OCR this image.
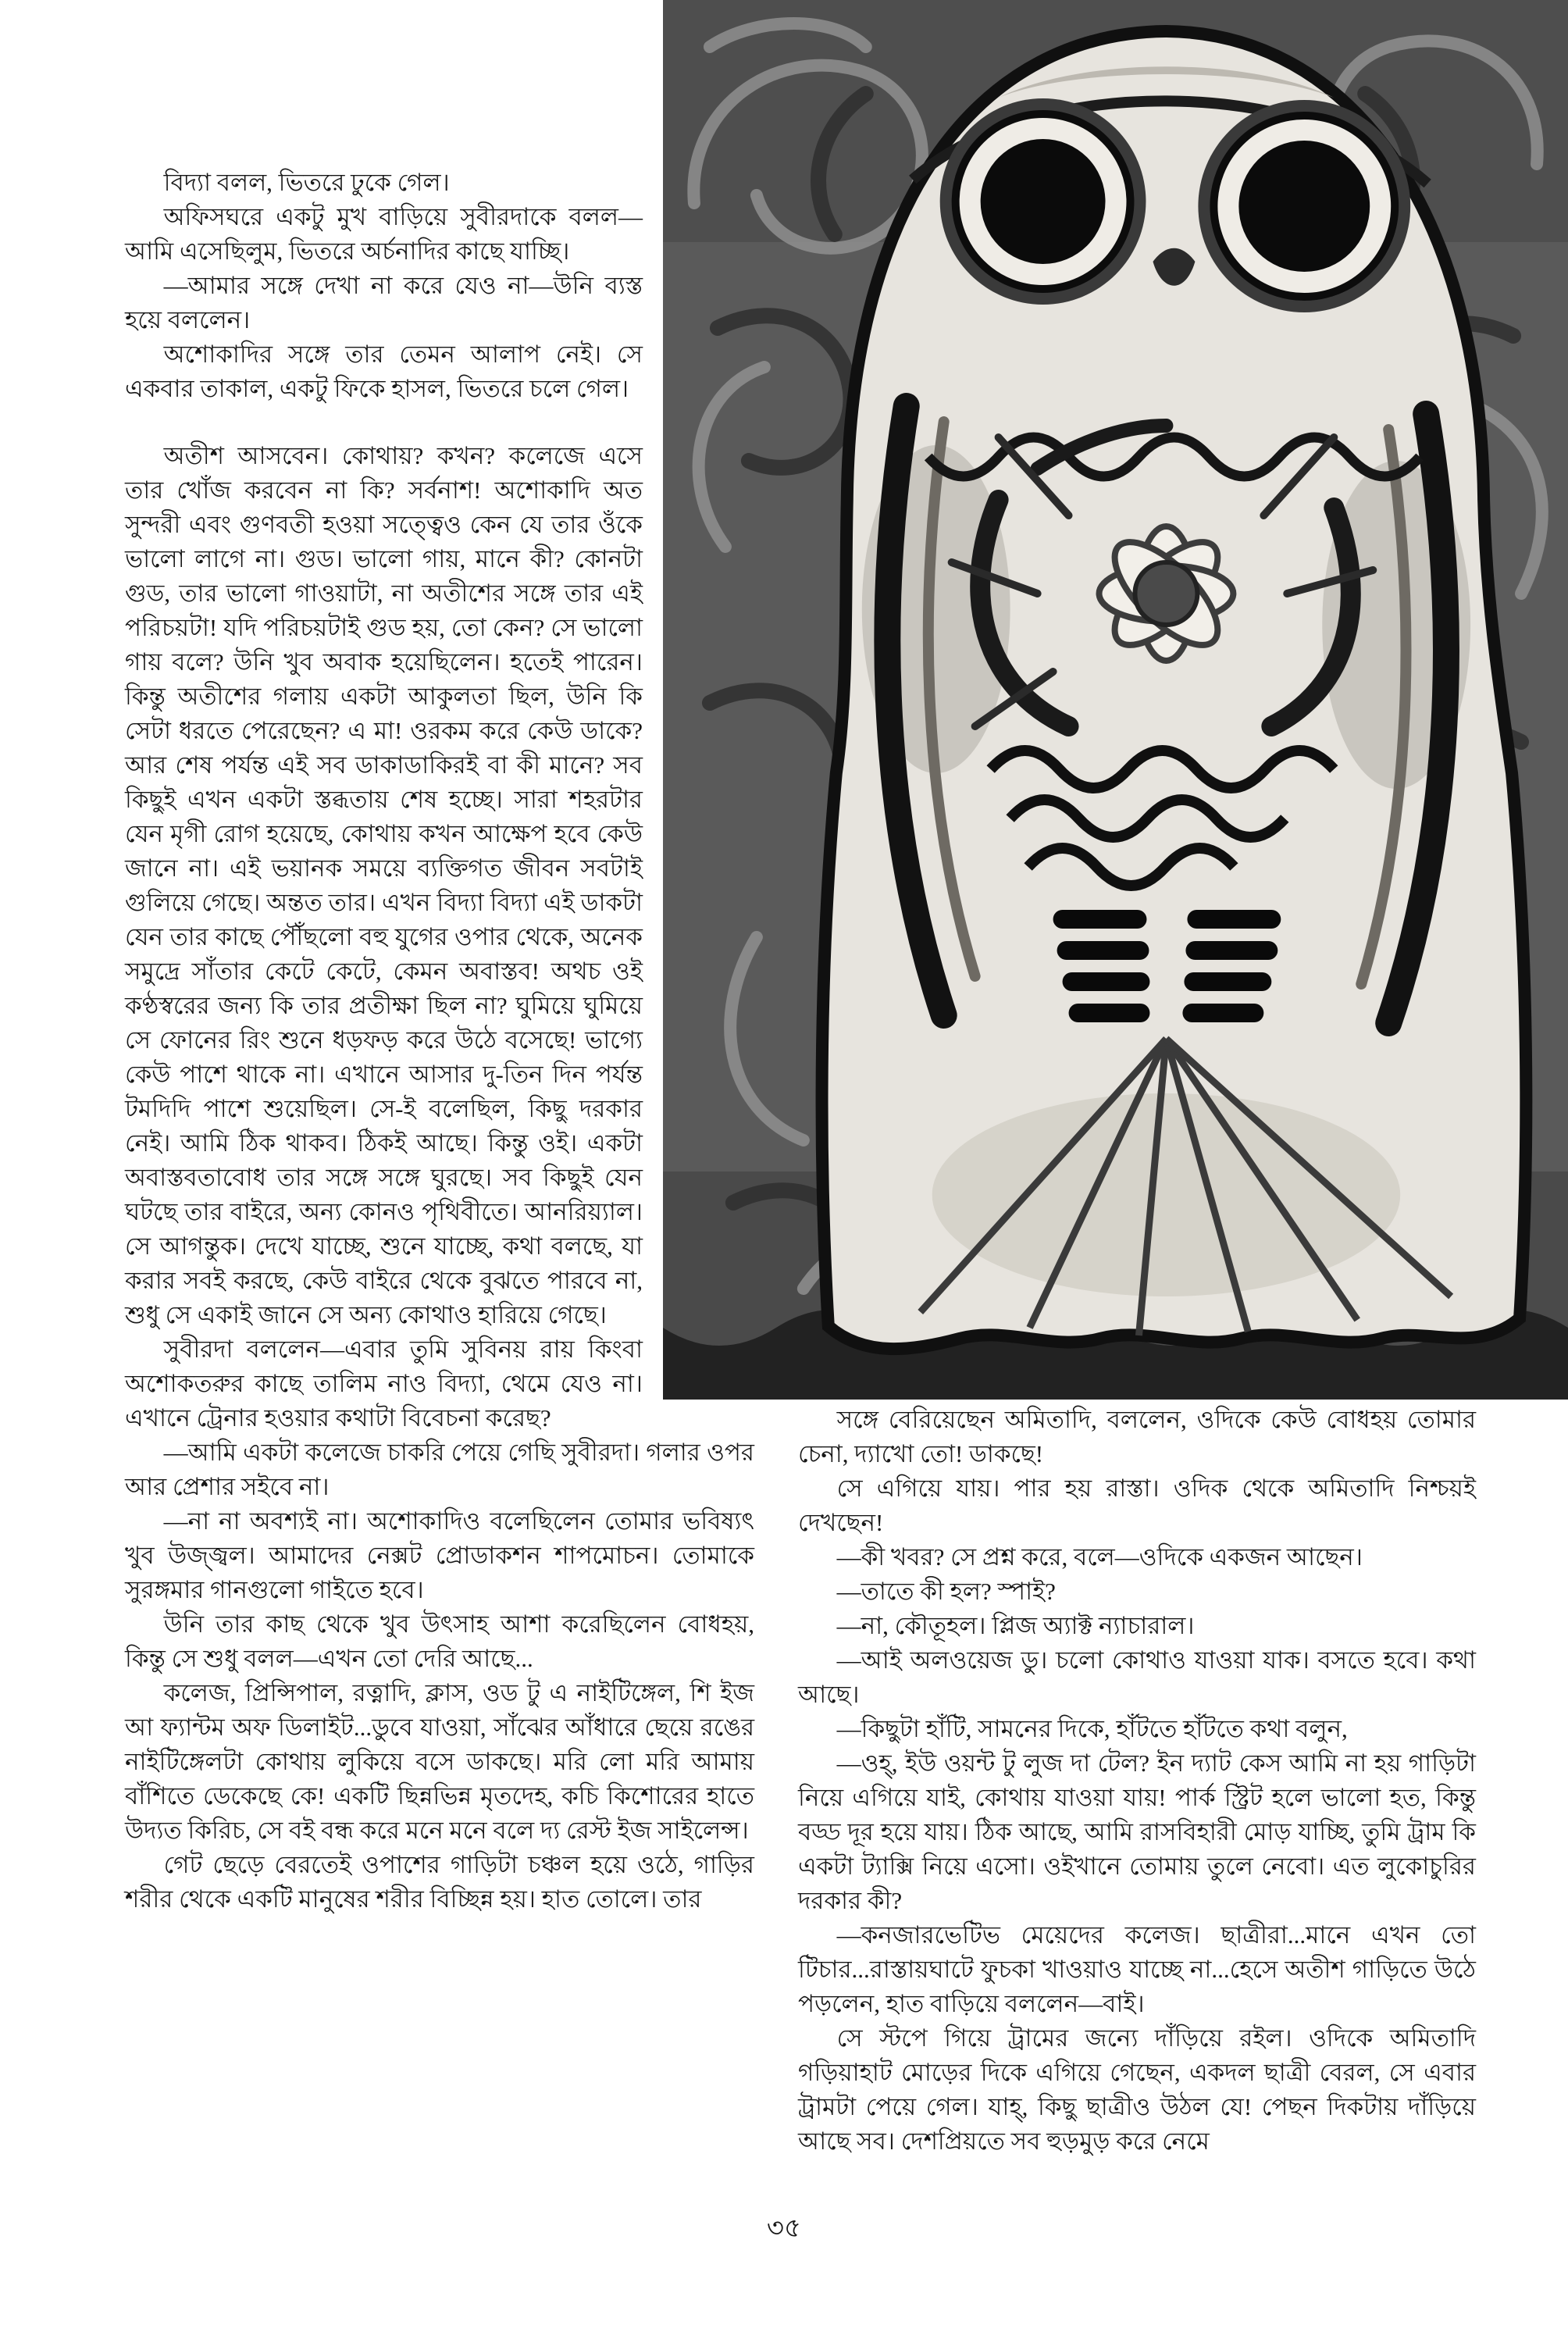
বিদ্যা বলল, ভিতরে ঢুকে গেল।

অফিসঘরে একটু মুখ বাড়িয়ে সুবীরদাকে বলল—আমি এসেছিলুম, ভিতরে অর্চনাদির কাছে যাচ্ছি।

—আমার সঙ্গে দেখা না করে যেও না—উনি ব্যস্ত হয়ে বললেন।

অশোকাদির সঙ্গে তার তেমন আলাপ নেই। সে একবার তাকাল, একটু ফিকে হাসল, ভিতরে চলে গেল।

অতীশ আসবেন। কোথায়? কখন? কলেজে এসে তার খোঁজ করবেন না কি? সর্বনাশ! অশোকাদি অত সুন্দরী এবং গুণবতী হওয়া সত্ত্বেও কেন যে তার ওঁকে ভালো লাগে না। গুড। ভালো গায়, মানে কী? কোনটা গুড, তার ভালো গাওয়াটা, না অতীশের সঙ্গে তার এই পরিচয়টা! যদি পরিচয়টাই গুড হয়, তো কেন? সে ভালো গায় বলে? উনি খুব অবাক হয়েছিলেন। হতেই পারেন। কিন্তু অতীশের গলায় একটা আকুলতা ছিল, উনি কি সেটা ধরতে পেরেছেন? এ মা! ওরকম করে কেউ ডাকে? আর শেষ পর্যন্ত এই সব ডাকাডাকিরই বা কী মানে? সব কিছুই এখন একটা স্তব্ধতায় শেষ হচ্ছে। সারা শহরটার যেন মৃগী রোগ হয়েছে, কোথায় কখন আক্ষেপ হবে কেউ জানে না। এই ভয়ানক সময়ে ব্যক্তিগত জীবন সবটাই গুলিয়ে গেছে। অন্তত তার। এখন বিদ্যা বিদ্যা এই ডাকটা যেন তার কাছে পৌঁছলো বহু যুগের ওপার থেকে, অনেক সমুদ্রে সাঁতার কেটে কেটে, কেমন অবাস্তব! অথচ ওই কণ্ঠস্বরের জন্য কি তার প্রতীক্ষা ছিল না? ঘুমিয়ে ঘুমিয়ে সে ফোনের রিং শুনে ধড়ফড় করে উঠে বসেছে! ভাগ্যে কেউ পাশে থাকে না। এখানে আসার দু-তিন দিন পর্যন্ত টমদিদি পাশে শুয়েছিল। সে-ই বলেছিল, কিছু দরকার নেই। আমি ঠিক থাকব। ঠিকই আছে। কিন্তু ওই। একটা অবাস্তবতাবোধ তার সঙ্গে সঙ্গে ঘুরছে। সব কিছুই যেন ঘটছে তার বাইরে, অন্য কোনও পৃথিবীতে। আনরিয়্যাল। সে আগন্তুক। দেখে যাচ্ছে, শুনে যাচ্ছে, কথা বলছে, যা করার সবই করছে, কেউ বাইরে থেকে বুঝতে পারবে না, শুধু সে একাই জানে সে অন্য কোথাও হারিয়ে গেছে।

সুবীরদা বললেন—এবার তুমি সুবিনয় রায় কিংবা অশোকতরুর কাছে তালিম নাও বিদ্যা, থেমে যেও না। এখানে ট্রেনার হওয়ার কথাটা বিবেচনা করেছ?

—আমি একটা কলেজে চাকরি পেয়ে গেছি সুবীরদা। গলার ওপর আর প্রেশার সইবে না।

—না না অবশ্যই না। অশোকাদিও বলেছিলেন তোমার ভবিষ্যৎ খুব উজ্জ্বল। আমাদের নেক্সট প্রোডাকশন শাপমোচন। তোমাকে সুরঙ্গমার গানগুলো গাইতে হবে।

উনি তার কাছ থেকে খুব উৎসাহ আশা করেছিলেন বোধহয়, কিন্তু সে শুধু বলল—এখন তো দেরি আছে...

কলেজ, প্রিন্সিপাল, রত্নাদি, ক্লাস, ওড টু এ নাইটিঙ্গেল, শি ইজ আ ফ্যান্টম অফ ডিলাইট...ডুবে যাওয়া, সাঁঝের আঁধারে ছেয়ে রঙের নাইটিঙ্গেলটা কোথায় লুকিয়ে বসে ডাকছে। মরি লো মরি আমায় বাঁশিতে ডেকেছে কে! একটি ছিন্নভিন্ন মৃতদেহ, কচি কিশোরের হাতে উদ্যত কিরিচ, সে বই বন্ধ করে মনে মনে বলে দ্য রেস্ট ইজ সাইলেন্স।

গেট ছেড়ে বেরতেই ওপাশের গাড়িটা চঞ্চল হয়ে ওঠে, গাড়ির শরীর থেকে একটি মানুষের শরীর বিচ্ছিন্ন হয়। হাত তোলে। তার

সঙ্গে বেরিয়েছেন অমিতাদি, বললেন, ওদিকে কেউ বোধহয় তোমার চেনা, দ্যাখো তো! ডাকছে!

সে এগিয়ে যায়। পার হয় রাস্তা। ওদিক থেকে অমিতাদি নিশ্চয়ই দেখছেন!

—কী খবর? সে প্রশ্ন করে, বলে—ওদিকে একজন আছেন।

—তাতে কী হল? স্পাই?

—না, কৌতূহল। প্লিজ অ্যাক্ট ন্যাচারাল।

—আই অলওয়েজ ডু। চলো কোথাও যাওয়া যাক। বসতে হবে। কথা আছে।

—কিছুটা হাঁটি, সামনের দিকে, হাঁটতে হাঁটতে কথা বলুন,

—ওহ্‌, ইউ ওয়ন্ট টু লুজ দা টেল? ইন দ্যাট কেস আমি না হয় গাড়িটা নিয়ে এগিয়ে যাই, কোথায় যাওয়া যায়! পার্ক স্ট্রিট হলে ভালো হত, কিন্তু বড্ড দূর হয়ে যায়। ঠিক আছে, আমি রাসবিহারী মোড় যাচ্ছি, তুমি ট্রাম কি একটা ট্যাক্সি নিয়ে এসো। ওইখানে তোমায় তুলে নেবো। এত লুকোচুরির দরকার কী?

—কনজারভেটিভ মেয়েদের কলেজ। ছাত্রীরা...মানে এখন তো টিচার...রাস্তায়ঘাটে ফুচকা খাওয়াও যাচ্ছে না...হেসে অতীশ গাড়িতে উঠে পড়লেন, হাত বাড়িয়ে বললেন—বাই।

সে স্টপে গিয়ে ট্রামের জন্যে দাঁড়িয়ে রইল। ওদিকে অমিতাদি গড়িয়াহাট মোড়ের দিকে এগিয়ে গেছেন, একদল ছাত্রী বেরল, সে এবার ট্রামটা পেয়ে গেল। যাহ্‌, কিছু ছাত্রীও উঠল যে! পেছন দিকটায় দাঁড়িয়ে আছে সব। দেশপ্রিয়তে সব হুড়মুড় করে নেমে

৩৫
